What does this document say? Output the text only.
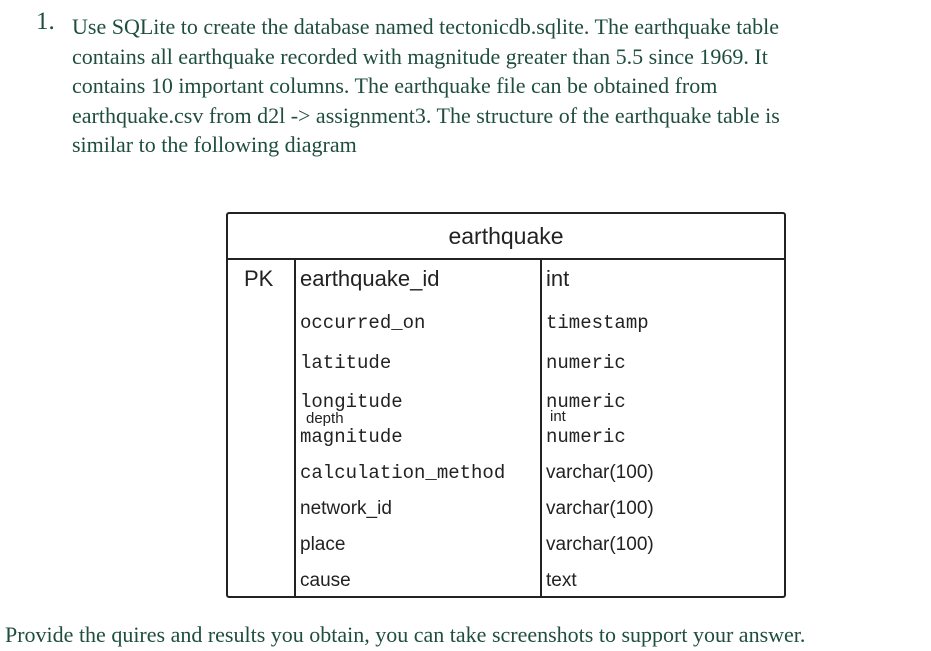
1. Use SQLite to create the database named tectonicdb.sqlite. The earthquake table
contains all earthquake recorded with magnitude greater than 5.5 since 1969. It
contains 10 important columns. The earthquake file can be obtained from
earthquake.csv from d2l -> assignment3. The structure of the earthquake table is
similar to the following diagram
earthquake
PK earthquake_id	int
occurred_on	timestamp
latitude	numeric
longitude	numeric
depth	int
magnitude	numeric
calculation_method varchar(100)
network_id	varchar(100)
place	varchar(100)
cause	text
Provide the quires and results you obtain, you can take screenshots to support your answer.
